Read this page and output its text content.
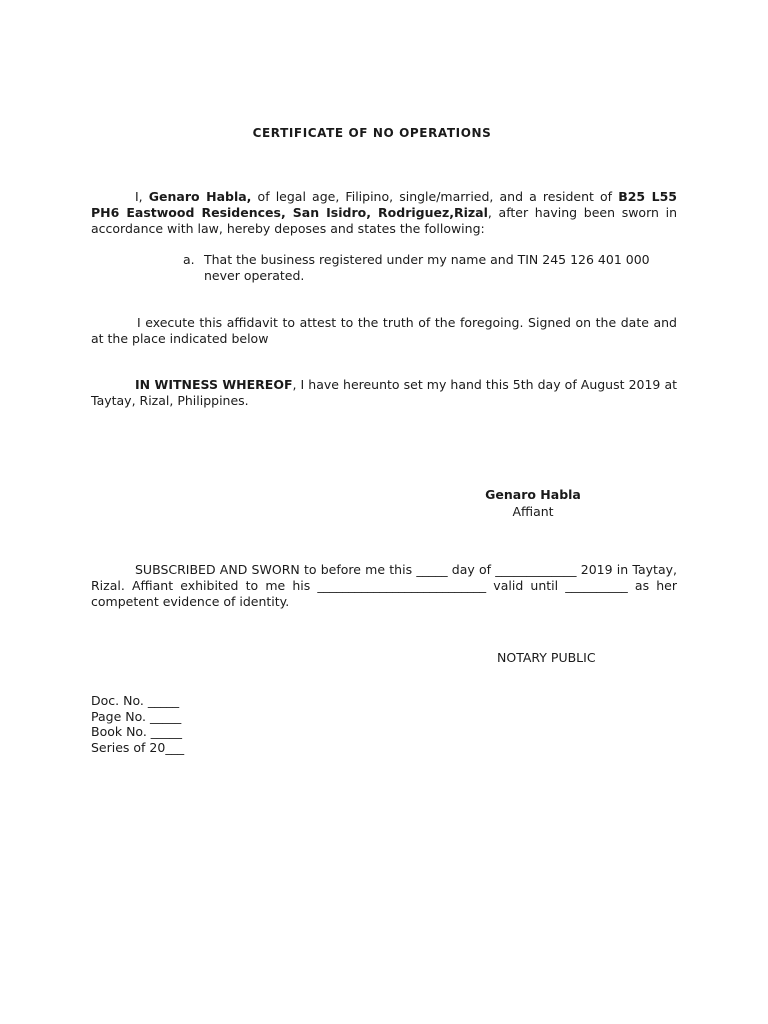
CERTIFICATE OF NO OPERATIONS
I, Genaro Habla, of legal age, Filipino, single/married, and a resident of B25 L55 PH6 Eastwood Residences, San Isidro, Rodriguez,Rizal, after having been sworn in accordance with law, hereby deposes and states the following:
a. That the business registered under my name and TIN 245 126 401 000 never operated.
I execute this affidavit to attest to the truth of the foregoing. Signed on the date and at the place indicated below
IN WITNESS WHEREOF, I have hereunto set my hand this 5th day of August 2019 at Taytay, Rizal, Philippines.
Genaro Habla
Affiant
SUBSCRIBED AND SWORN to before me this _____ day of _____________ 2019 in Taytay, Rizal. Affiant exhibited to me his ___________________________ valid until __________ as her competent evidence of identity.
NOTARY PUBLIC
Doc. No. _____
Page No. _____
Book No. _____
Series of 20___
